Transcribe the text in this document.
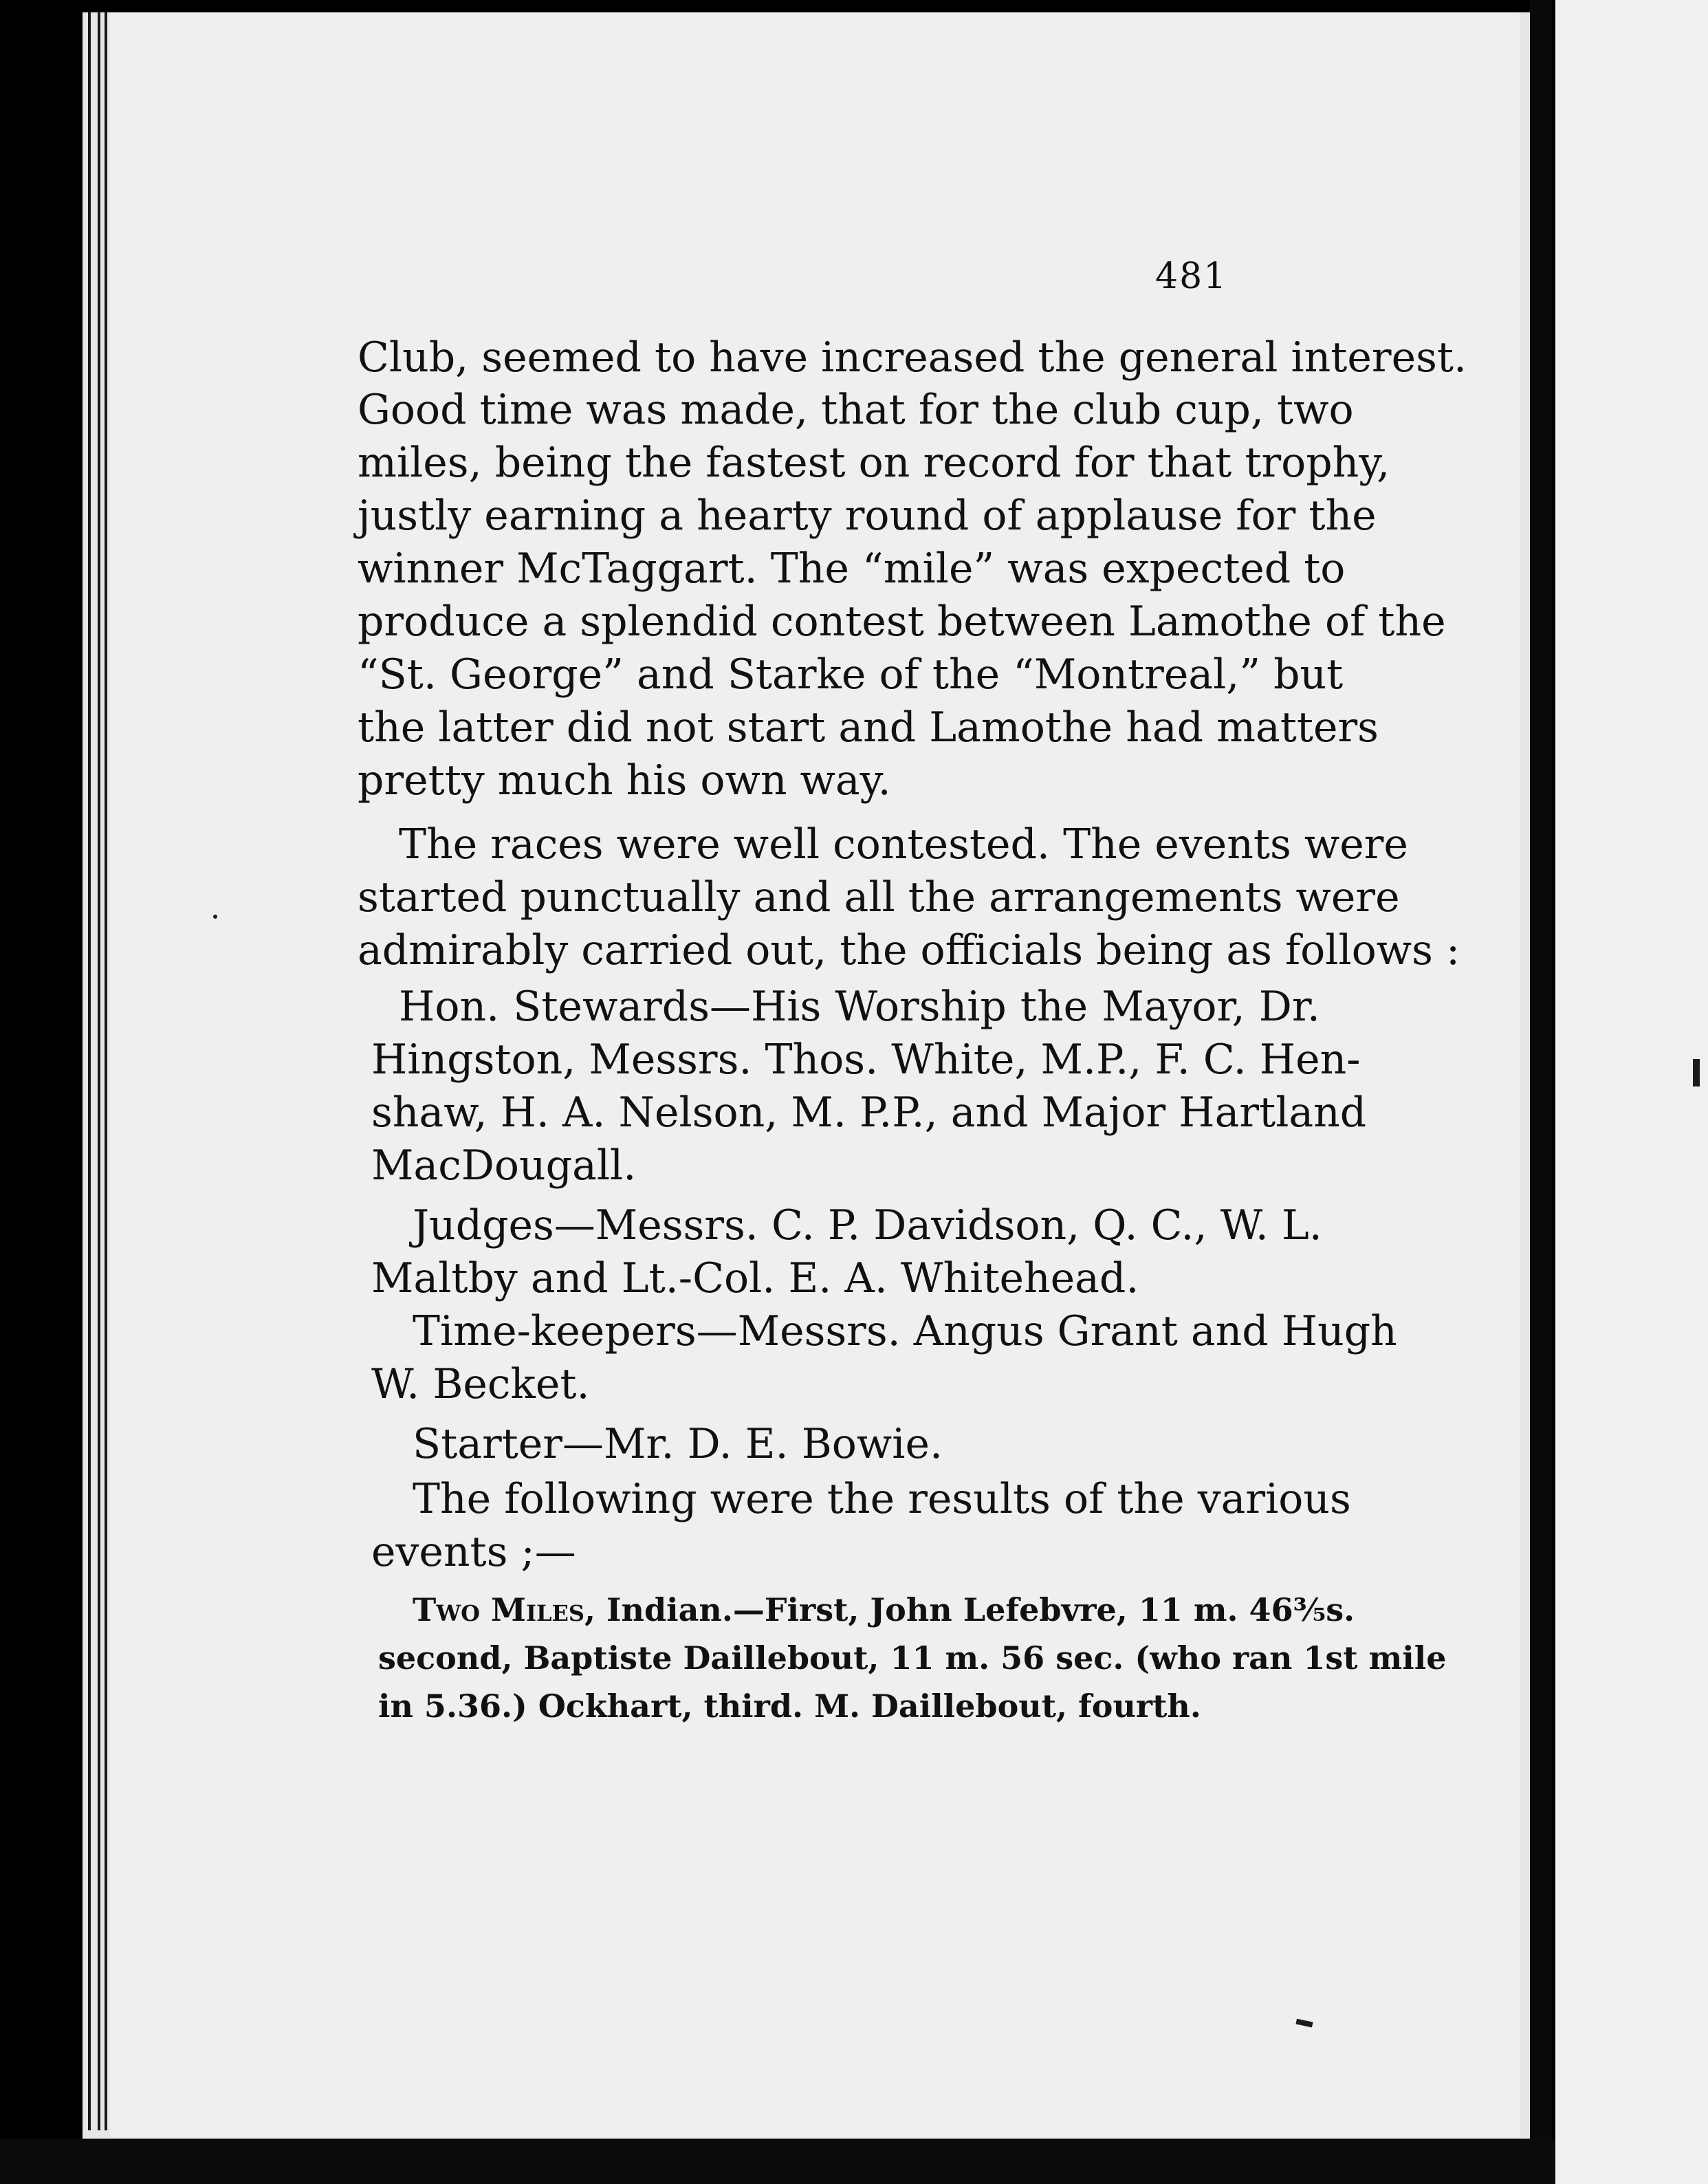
481
Club, seemed to have increased the general interest.
Good time was made, that for the club cup, two
miles, being the fastest on record for that trophy,
justly earning a hearty round of applause for the
winner McTaggart. The “mile” was expected to
produce a splendid contest between Lamothe of the
“St. George” and Starke of the “Montreal,” but
the latter did not start and Lamothe had matters
pretty much his own way.
The races were well contested. The events were
started punctually and all the arrangements were
admirably carried out, the officials being as follows :
Hon. Stewards—His Worship the Mayor, Dr.
Hingston, Messrs. Thos. White, M.P., F. C. Hen-
shaw, H. A. Nelson, M. P.P., and Major Hartland
MacDougall.
Judges—Messrs. C. P. Davidson, Q. C., W. L.
Maltby and Lt.-Col. E. A. Whitehead.
Time-keepers—Messrs. Angus Grant and Hugh
W. Becket.
Starter—Mr. D. E. Bowie.
The following were the results of the various
events ;—
Two Miles, Indian.—First, John Lefebvre, 11 m. 46⅗s.
second, Baptiste Daillebout, 11 m. 56 sec. (who ran 1st mile
in 5.36.) Ockhart, third. M. Daillebout, fourth.
